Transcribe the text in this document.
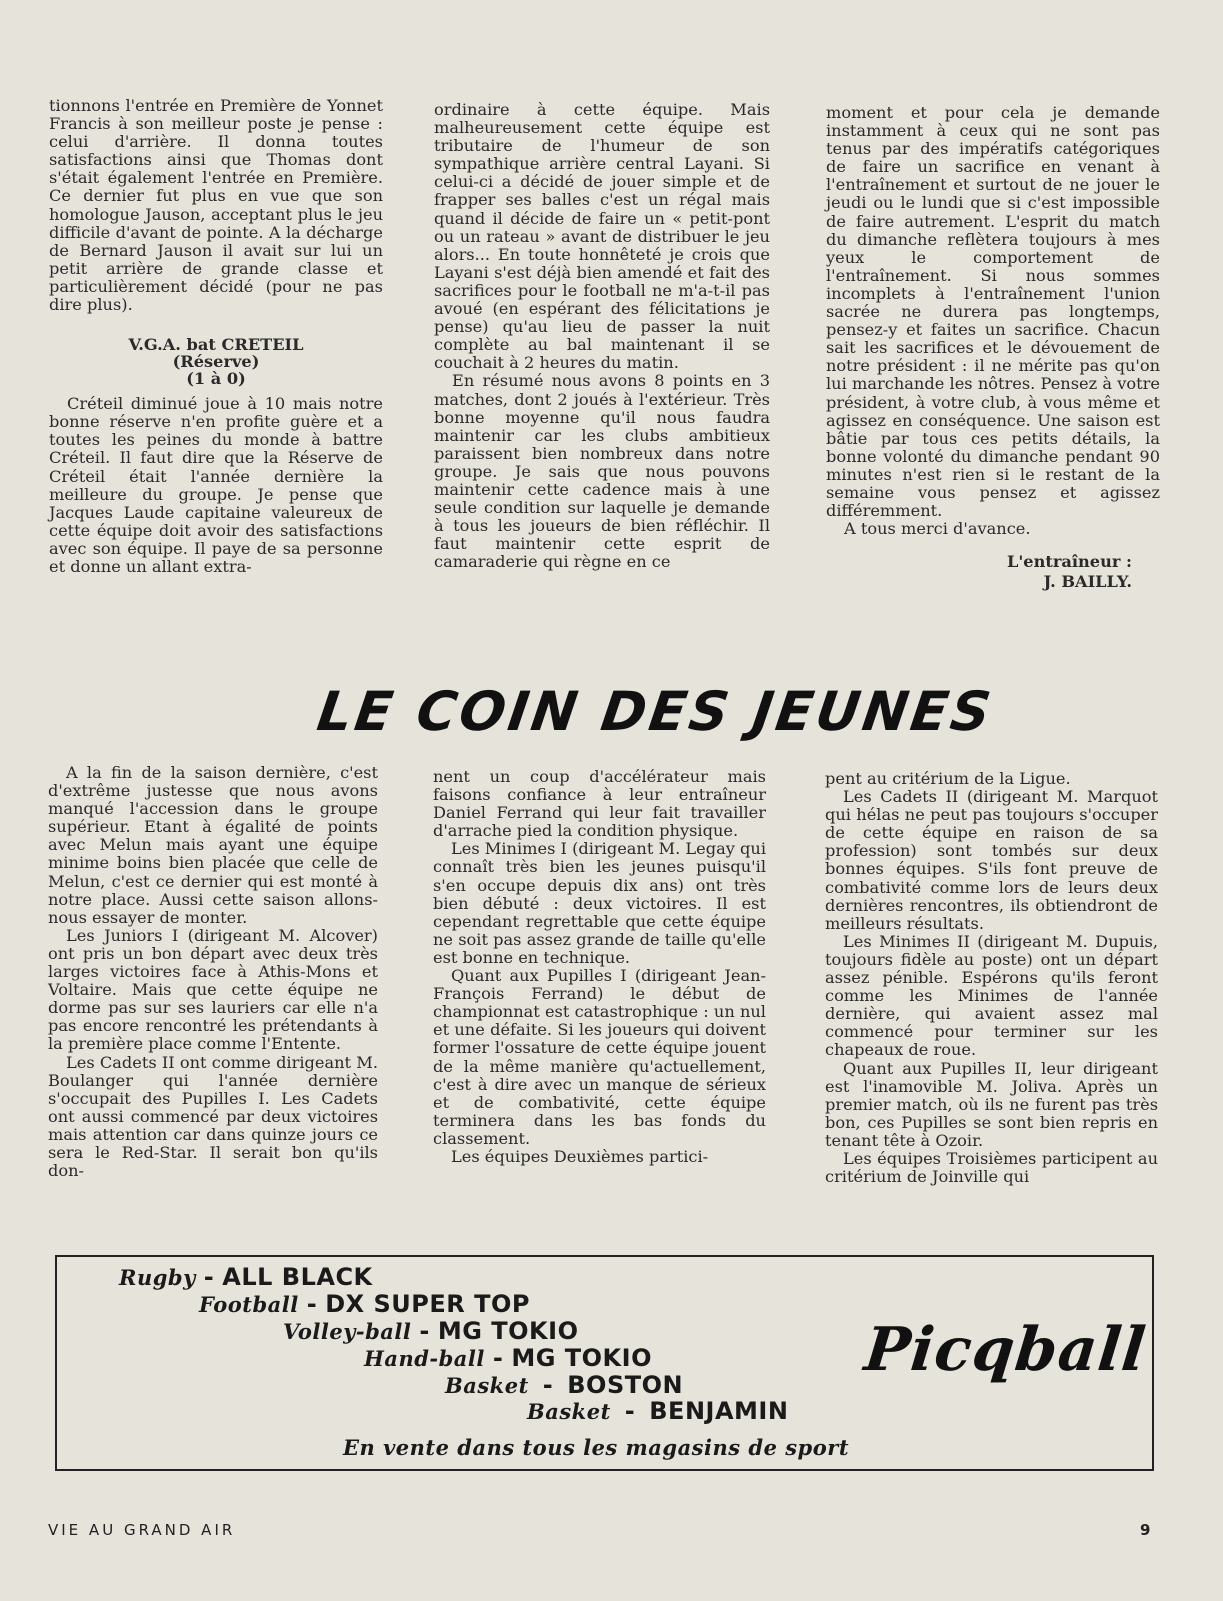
tionnons l'entrée en Première de Yonnet Francis à son meilleur poste je pense : celui d'arrière. Il donna toutes satisfactions ainsi que Thomas dont s'était également l'entrée en Première. Ce dernier fut plus en vue que son homologue Jauson, acceptant plus le jeu difficile d'avant de pointe. A la décharge de Bernard Jauson il avait sur lui un petit arrière de grande classe et particulièrement décidé (pour ne pas dire plus).

V.G.A. bat CRETEIL
(Réserve)
(1 à 0)

Créteil diminué joue à 10 mais notre bonne réserve n'en profite guère et a toutes les peines du monde à battre Créteil. Il faut dire que la Réserve de Créteil était l'année dernière la meilleure du groupe. Je pense que Jacques Laude capitaine valeureux de cette équipe doit avoir des satisfactions avec son équipe. Il paye de sa personne et donne un allant extra-

ordinaire à cette équipe. Mais malheureusement cette équipe est tributaire de l'humeur de son sympathique arrière central Layani. Si celui-ci a décidé de jouer simple et de frapper ses balles c'est un régal mais quand il décide de faire un « petit-pont ou un rateau » avant de distribuer le jeu alors... En toute honnêteté je crois que Layani s'est déjà bien amendé et fait des sacrifices pour le football ne m'a-t-il pas avoué (en espérant des félicitations je pense) qu'au lieu de passer la nuit complète au bal maintenant il se couchait à 2 heures du matin.

En résumé nous avons 8 points en 3 matches, dont 2 joués à l'extérieur. Très bonne moyenne qu'il nous faudra maintenir car les clubs ambitieux paraissent bien nombreux dans notre groupe. Je sais que nous pouvons maintenir cette cadence mais à une seule condition sur laquelle je demande à tous les joueurs de bien réfléchir. Il faut maintenir cette esprit de camaraderie qui règne en ce

moment et pour cela je demande instamment à ceux qui ne sont pas tenus par des impératifs catégoriques de faire un sacrifice en venant à l'entraînement et surtout de ne jouer le jeudi ou le lundi que si c'est impossible de faire autrement. L'esprit du match du dimanche reflètera toujours à mes yeux le comportement de l'entraînement. Si nous sommes incomplets à l'entraînement l'union sacrée ne durera pas longtemps, pensez-y et faites un sacrifice. Chacun sait les sacrifices et le dévouement de notre président : il ne mérite pas qu'on lui marchande les nôtres. Pensez à votre président, à votre club, à vous même et agissez en conséquence. Une saison est bâtie par tous ces petits détails, la bonne volonté du dimanche pendant 90 minutes n'est rien si le restant de la semaine vous pensez et agissez différemment.

A tous merci d'avance.

L'entraîneur :
J. BAILLY.
LE COIN DES JEUNES

A la fin de la saison dernière, c'est d'extrême justesse que nous avons manqué l'accession dans le groupe supérieur. Etant à égalité de points avec Melun mais ayant une équipe minime boins bien placée que celle de Melun, c'est ce dernier qui est monté à notre place. Aussi cette saison allons-nous essayer de monter.

Les Juniors I (dirigeant M. Alcover) ont pris un bon départ avec deux très larges victoires face à Athis-Mons et Voltaire. Mais que cette équipe ne dorme pas sur ses lauriers car elle n'a pas encore rencontré les prétendants à la première place comme l'Entente.

Les Cadets II ont comme dirigeant M. Boulanger qui l'année dernière s'occupait des Pupilles I. Les Cadets ont aussi commencé par deux victoires mais attention car dans quinze jours ce sera le Red-Star. Il serait bon qu'ils don-

nent un coup d'accélérateur mais faisons confiance à leur entraîneur Daniel Ferrand qui leur fait travailler d'arrache pied la condition physique.

Les Minimes I (dirigeant M. Legay qui connaît très bien les jeunes puisqu'il s'en occupe depuis dix ans) ont très bien débuté : deux victoires. Il est cependant regrettable que cette équipe ne soit pas assez grande de taille qu'elle est bonne en technique.

Quant aux Pupilles I (dirigeant Jean-François Ferrand) le début de championnat est catastrophique : un nul et une défaite. Si les joueurs qui doivent former l'ossature de cette équipe jouent de la même manière qu'actuellement, c'est à dire avec un manque de sérieux et de combativité, cette équipe terminera dans les bas fonds du classement.

Les équipes Deuxièmes partici-

pent au critérium de la Ligue.

Les Cadets II (dirigeant M. Marquot qui hélas ne peut pas toujours s'occuper de cette équipe en raison de sa profession) sont tombés sur deux bonnes équipes. S'ils font preuve de combativité comme lors de leurs deux dernières rencontres, ils obtiendront de meilleurs résultats.

Les Minimes II (dirigeant M. Dupuis, toujours fidèle au poste) ont un départ assez pénible. Espérons qu'ils feront comme les Minimes de l'année dernière, qui avaient assez mal commencé pour terminer sur les chapeaux de roue.

Quant aux Pupilles II, leur dirigeant est l'inamovible M. Joliva. Après un premier match, où ils ne furent pas très bon, ces Pupilles se sont bien repris en tenant tête à Ozoir.

Les équipes Troisièmes participent au critérium de Joinville qui

Rugby - ALL BLACK
Football - DX SUPER TOP
Volley-ball - MG TOKIO
Hand-ball - MG TOKIO
Basket - BOSTON
Basket - BENJAMIN
Picqball
En vente dans tous les magasins de sport
VIE AU GRAND AIR	9
